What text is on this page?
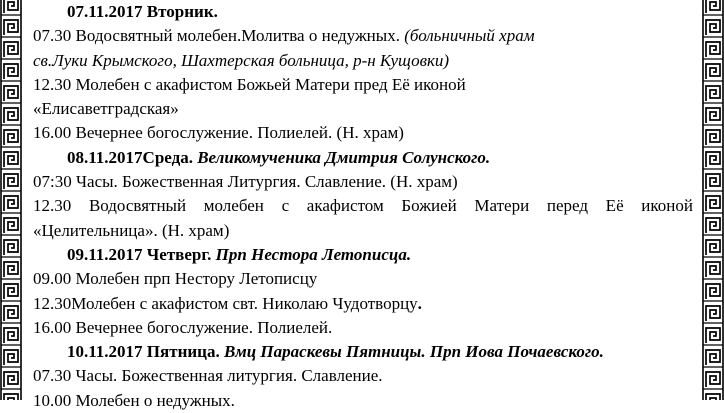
07.11.2017 Вторник.
07.30 Водосвятный молебен.Молитва о недужных. (больничный храм
св.Луки Крымского, Шахтерская больница, р-н Кущовки)
12.30 Молебен с акафистом Божьей Матери пред Её иконой
«Елисаветградская»
16.00 Вечернее богослужение. Полиелей. (Н. храм)
08.11.2017Среда. Великомученика Дмитрия Солунского.
07:30 Часы. Божественная Литургия. Славление. (Н. храм)
12.30 Водосвятный молебен с акафистом Божией Матери перед Её иконой
«Целительница». (Н. храм)
09.11.2017 Четверг. Прп Нестора Летописца.
09.00 Молебен прп Нестору Летописцу
12.30Молебен с акафистом свт. Николаю Чудотворцу.
16.00 Вечернее богослужение. Полиелей.
10.11.2017 Пятница. Вмц Параскевы Пятницы. Прп Иова Почаевского.
07.30 Часы. Божественная литургия. Славление.
10.00 Молебен о недужных.
